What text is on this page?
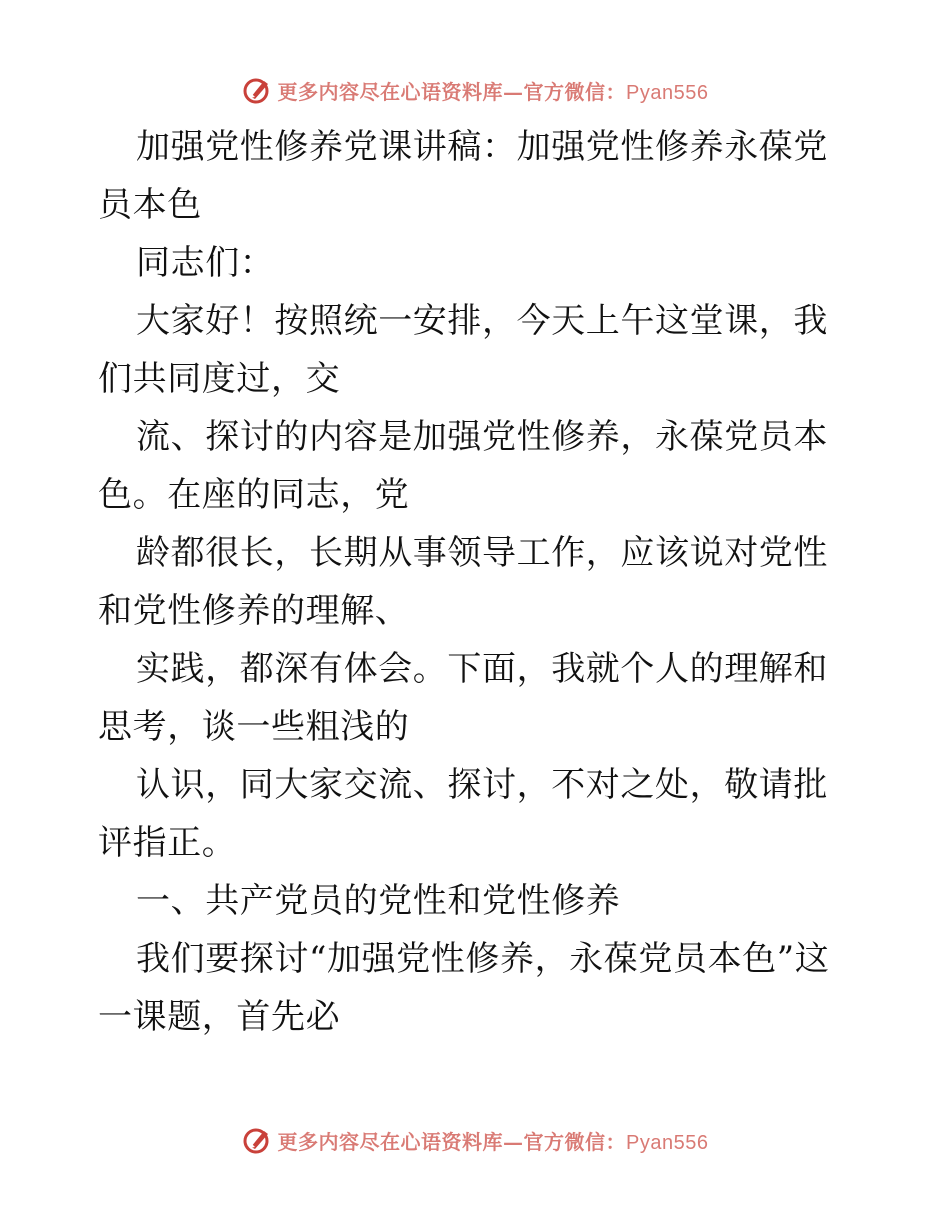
更多内容尽在心语资料库—官方微信：Pyan556

加强党性修养党课讲稿：加强党性修养永葆党员本色

同志们：

大家好！按照统一安排，今天上午这堂课，我们共同度过，交

流、探讨的内容是加强党性修养，永葆党员本色。在座的同志，党

龄都很长，长期从事领导工作，应该说对党性和党性修养的理解、

实践，都深有体会。下面，我就个人的理解和思考，谈一些粗浅的

认识，同大家交流、探讨，不对之处，敬请批评指正。

一、共产党员的党性和党性修养

我们要探讨“加强党性修养，永葆党员本色”这一课题，首先必

更多内容尽在心语资料库—官方微信：Pyan556
